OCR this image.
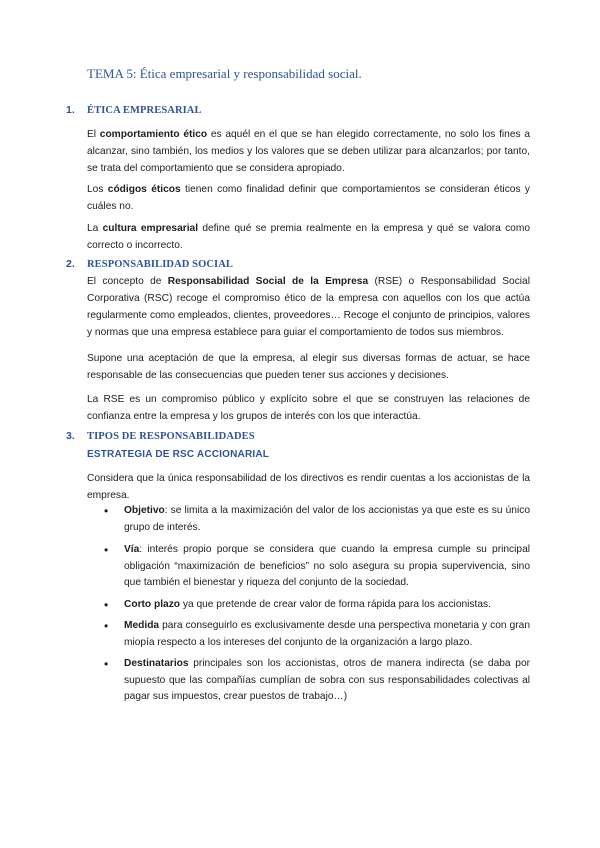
TEMA 5: Ética empresarial y responsabilidad social.
1. ÉTICA EMPRESARIAL

El comportamiento ético es aquél en el que se han elegido correctamente, no solo los fines a alcanzar, sino también, los medios y los valores que se deben utilizar para alcanzarlos; por tanto, se trata del comportamiento que se considera apropiado.

Los códigos éticos tienen como finalidad definir que comportamientos se consideran éticos y cuáles no.

La cultura empresarial define qué se premia realmente en la empresa y qué se valora como correcto o incorrecto.

2. RESPONSABILIDAD SOCIAL

El concepto de Responsabilidad Social de la Empresa (RSE) o Responsabilidad Social Corporativa (RSC) recoge el compromiso ético de la empresa con aquellos con los que actúa regularmente como empleados, clientes, proveedores… Recoge el conjunto de principios, valores y normas que una empresa establece para guiar el comportamiento de todos sus miembros.

Supone una aceptación de que la empresa, al elegir sus diversas formas de actuar, se hace responsable de las consecuencias que pueden tener sus acciones y decisiones.

La RSE es un compromiso público y explícito sobre el que se construyen las relaciones de confianza entre la empresa y los grupos de interés con los que interactúa.

3. TIPOS DE RESPONSABILIDADES
ESTRATEGIA DE RSC ACCIONARIAL

Considera que la única responsabilidad de los directivos es rendir cuentas a los accionistas de la empresa.

• Objetivo: se limita a la maximización del valor de los accionistas ya que este es su único grupo de interés.
• Vía: interés propio porque se considera que cuando la empresa cumple su principal obligación “maximización de beneficios” no solo asegura su propia supervivencia, sino que también el bienestar y riqueza del conjunto de la sociedad.
• Corto plazo ya que pretende de crear valor de forma rápida para los accionistas.
• Medida para conseguirlo es exclusivamente desde una perspectiva monetaria y con gran miopía respecto a los intereses del conjunto de la organización a largo plazo.
• Destinatarios principales son los accionistas, otros de manera indirecta (se daba por supuesto que las compañías cumplían de sobra con sus responsabilidades colectivas al pagar sus impuestos, crear puestos de trabajo…)
